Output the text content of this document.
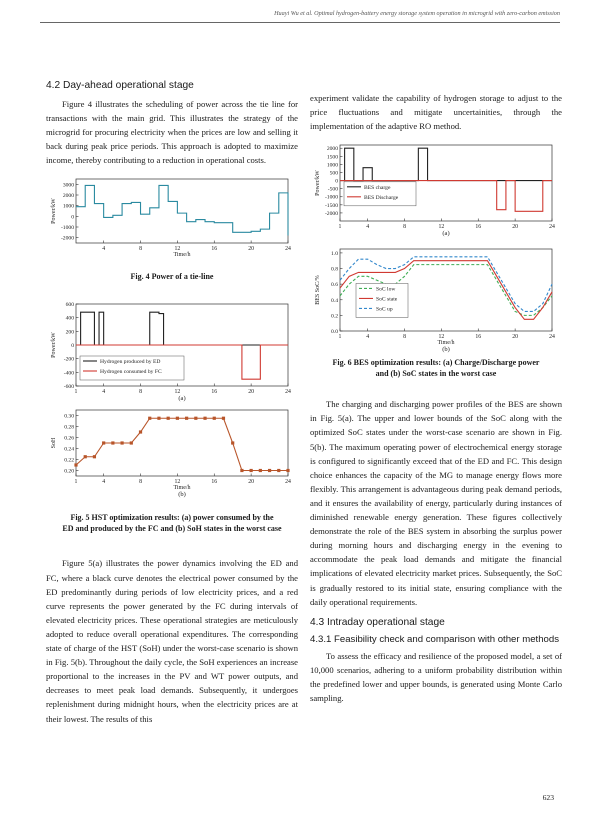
Huayi Wu et al. Optimal hydrogen-battery energy storage system operation in microgrid with zero-carbon emission
4.2 Day-ahead operational stage

Figure 4 illustrates the scheduling of power across the tie line for transactions with the main grid. This illustrates the strategy of the microgrid for procuring electricity when the prices are low and selling it back during peak price periods. This approach is adopted to maximize income, thereby contributing to a reduction in operational costs.

4	8	12	16	20	24
-2000
-1000
0
1000
2000
3000
Power/kW
Time/h
Fig. 4 Power of a tie-line
1	4	8	12	16	20	24
-600
-400
-200
0
200
400
600
Power/kW
(a)
Hydrogen produced by ED
Hydrogen consumed by FC
1	4	8	12	16	20	24
0.20
0.22
0.24
0.26
0.28
0.30
SoH
Time/h
(b)
Fig. 5 HST optimization results: (a) power consumed by the
ED and produced by the FC and (b) SoH states in the worst case

Figure 5(a) illustrates the power dynamics involving the ED and FC, where a black curve denotes the electrical power consumed by the ED predominantly during periods of low electricity prices, and a red curve represents the power generated by the FC during intervals of elevated electricity prices. These operational strategies are meticulously adopted to reduce overall operational expenditures. The corresponding state of charge of the HST (SoH) under the worst-case scenario is shown in Fig. 5(b). Throughout the daily cycle, the SoH experiences an increase proportional to the increases in the PV and WT power outputs, and decreases to meet peak load demands. Subsequently, it undergoes replenishment during midnight hours, when the electricity prices are at their lowest. The results of this

experiment validate the capability of hydrogen storage to adjust to the price fluctuations and mitigate uncertainities, through the implementation of the adaptive RO method.

1	4	8	12	16	20	24
-2000
-1500
-1000
-500
0
500
1000
1500
2000
Power/kW
(a)
BES charge
BES Discharge
1	4	8	12	16	20	24
0.0
0.2
0.4
0.6
0.8
1.0
BES SoC/%
Time/h
(b)
SoC low
SoC state
SoC up
Fig. 6 BES optimization results: (a) Charge/Discharge power
and (b) SoC states in the worst case

The charging and discharging power profiles of the BES are shown in Fig. 5(a). The upper and lower bounds of the SoC along with the optimized SoC states under the worst-case scenario are shown in Fig. 5(b). The maximum operating power of electrochemical energy storage is configured to significantly exceed that of the ED and FC. This design choice enhances the capacity of the MG to manage energy flows more flexibly. This arrangement is advantageous during peak demand periods, and it ensures the availability of energy, particularly during instances of diminished renewable energy generation. These figures collectively demonstrate the role of the BES system in absorbing the surplus power during morning hours and discharging energy in the evening to accommodate the peak load demands and mitigate the financial implications of elevated electricity market prices. Subsequently, the SoC is gradually restored to its initial state, ensuring compliance with the daily operational requirements.

4.3 Intraday operational stage
4.3.1 Feasibility check and comparison with other methods

To assess the efficacy and resilience of the proposed model, a set of 10,000 scenarios, adhering to a uniform probability distribution within the predefined lower and upper bounds, is generated using Monte Carlo sampling.

623
